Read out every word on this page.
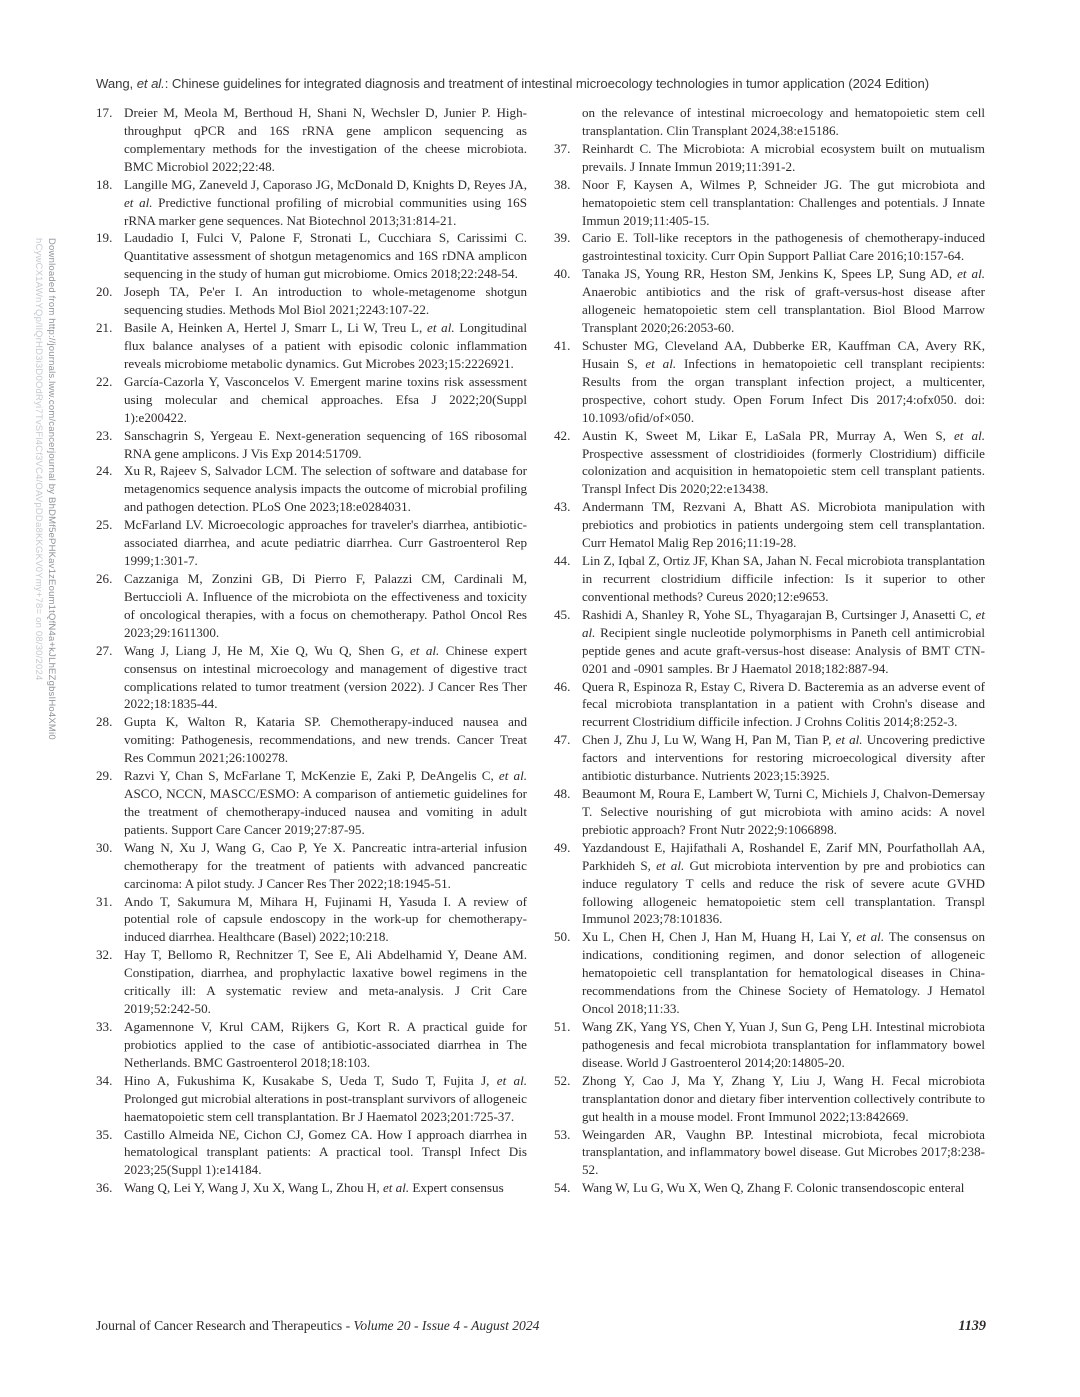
Downloaded from http://journals.lww.com/cancerjournal by BhDMf5ePHKav1zEoum1tQfN4a+kJLhEZgbsIHo4XMi0
hCywCX1AWnYQp/IlQrHD3i3D0OdRyi7TvSFl4Cf3VC4/OAVpDDa8KKGKV0Ymy+78= on 08/30/2024
Wang, et al.: Chinese guidelines for integrated diagnosis and treatment of intestinal microecology technologies in tumor application (2024 Edition)
17. Dreier M, Meola M, Berthoud H, Shani N, Wechsler D, Junier P. High-throughput qPCR and 16S rRNA gene amplicon sequencing as complementary methods for the investigation of the cheese microbiota. BMC Microbiol 2022;22:48.
18. Langille MG, Zaneveld J, Caporaso JG, McDonald D, Knights D, Reyes JA, et al. Predictive functional profiling of microbial communities using 16S rRNA marker gene sequences. Nat Biotechnol 2013;31:814-21.
19. Laudadio I, Fulci V, Palone F, Stronati L, Cucchiara S, Carissimi C. Quantitative assessment of shotgun metagenomics and 16S rDNA amplicon sequencing in the study of human gut microbiome. Omics 2018;22:248-54.
20. Joseph TA, Pe'er I. An introduction to whole-metagenome shotgun sequencing studies. Methods Mol Biol 2021;2243:107-22.
21. Basile A, Heinken A, Hertel J, Smarr L, Li W, Treu L, et al. Longitudinal flux balance analyses of a patient with episodic colonic inflammation reveals microbiome metabolic dynamics. Gut Microbes 2023;15:2226921.
22. García-Cazorla Y, Vasconcelos V. Emergent marine toxins risk assessment using molecular and chemical approaches. Efsa J 2022;20(Suppl 1):e200422.
23. Sanschagrin S, Yergeau E. Next-generation sequencing of 16S ribosomal RNA gene amplicons. J Vis Exp 2014:51709.
24. Xu R, Rajeev S, Salvador LCM. The selection of software and database for metagenomics sequence analysis impacts the outcome of microbial profiling and pathogen detection. PLoS One 2023;18:e0284031.
25. McFarland LV. Microecologic approaches for traveler's diarrhea, antibiotic-associated diarrhea, and acute pediatric diarrhea. Curr Gastroenterol Rep 1999;1:301-7.
26. Cazzaniga M, Zonzini GB, Di Pierro F, Palazzi CM, Cardinali M, Bertuccioli A. Influence of the microbiota on the effectiveness and toxicity of oncological therapies, with a focus on chemotherapy. Pathol Oncol Res 2023;29:1611300.
27. Wang J, Liang J, He M, Xie Q, Wu Q, Shen G, et al. Chinese expert consensus on intestinal microecology and management of digestive tract complications related to tumor treatment (version 2022). J Cancer Res Ther 2022;18:1835-44.
28. Gupta K, Walton R, Kataria SP. Chemotherapy-induced nausea and vomiting: Pathogenesis, recommendations, and new trends. Cancer Treat Res Commun 2021;26:100278.
29. Razvi Y, Chan S, McFarlane T, McKenzie E, Zaki P, DeAngelis C, et al. ASCO, NCCN, MASCC/ESMO: A comparison of antiemetic guidelines for the treatment of chemotherapy-induced nausea and vomiting in adult patients. Support Care Cancer 2019;27:87-95.
30. Wang N, Xu J, Wang G, Cao P, Ye X. Pancreatic intra-arterial infusion chemotherapy for the treatment of patients with advanced pancreatic carcinoma: A pilot study. J Cancer Res Ther 2022;18:1945-51.
31. Ando T, Sakumura M, Mihara H, Fujinami H, Yasuda I. A review of potential role of capsule endoscopy in the work-up for chemotherapy-induced diarrhea. Healthcare (Basel) 2022;10:218.
32. Hay T, Bellomo R, Rechnitzer T, See E, Ali Abdelhamid Y, Deane AM. Constipation, diarrhea, and prophylactic laxative bowel regimens in the critically ill: A systematic review and meta-analysis. J Crit Care 2019;52:242-50.
33. Agamennone V, Krul CAM, Rijkers G, Kort R. A practical guide for probiotics applied to the case of antibiotic-associated diarrhea in The Netherlands. BMC Gastroenterol 2018;18:103.
34. Hino A, Fukushima K, Kusakabe S, Ueda T, Sudo T, Fujita J, et al. Prolonged gut microbial alterations in post-transplant survivors of allogeneic haematopoietic stem cell transplantation. Br J Haematol 2023;201:725-37.
35. Castillo Almeida NE, Cichon CJ, Gomez CA. How I approach diarrhea in hematological transplant patients: A practical tool. Transpl Infect Dis 2023;25(Suppl 1):e14184.
36. Wang Q, Lei Y, Wang J, Xu X, Wang L, Zhou H, et al. Expert consensus
on the relevance of intestinal microecology and hematopoietic stem cell transplantation. Clin Transplant 2024,38:e15186.
37. Reinhardt C. The Microbiota: A microbial ecosystem built on mutualism prevails. J Innate Immun 2019;11:391-2.
38. Noor F, Kaysen A, Wilmes P, Schneider JG. The gut microbiota and hematopoietic stem cell transplantation: Challenges and potentials. J Innate Immun 2019;11:405-15.
39. Cario E. Toll-like receptors in the pathogenesis of chemotherapy-induced gastrointestinal toxicity. Curr Opin Support Palliat Care 2016;10:157-64.
40. Tanaka JS, Young RR, Heston SM, Jenkins K, Spees LP, Sung AD, et al. Anaerobic antibiotics and the risk of graft-versus-host disease after allogeneic hematopoietic stem cell transplantation. Biol Blood Marrow Transplant 2020;26:2053-60.
41. Schuster MG, Cleveland AA, Dubberke ER, Kauffman CA, Avery RK, Husain S, et al. Infections in hematopoietic cell transplant recipients: Results from the organ transplant infection project, a multicenter, prospective, cohort study. Open Forum Infect Dis 2017;4:ofx050. doi: 10.1093/ofid/of×050.
42. Austin K, Sweet M, Likar E, LaSala PR, Murray A, Wen S, et al. Prospective assessment of clostridioides (formerly Clostridium) difficile colonization and acquisition in hematopoietic stem cell transplant patients. Transpl Infect Dis 2020;22:e13438.
43. Andermann TM, Rezvani A, Bhatt AS. Microbiota manipulation with prebiotics and probiotics in patients undergoing stem cell transplantation. Curr Hematol Malig Rep 2016;11:19-28.
44. Lin Z, Iqbal Z, Ortiz JF, Khan SA, Jahan N. Fecal microbiota transplantation in recurrent clostridium difficile infection: Is it superior to other conventional methods? Cureus 2020;12:e9653.
45. Rashidi A, Shanley R, Yohe SL, Thyagarajan B, Curtsinger J, Anasetti C, et al. Recipient single nucleotide polymorphisms in Paneth cell antimicrobial peptide genes and acute graft-versus-host disease: Analysis of BMT CTN-0201 and -0901 samples. Br J Haematol 2018;182:887-94.
46. Quera R, Espinoza R, Estay C, Rivera D. Bacteremia as an adverse event of fecal microbiota transplantation in a patient with Crohn's disease and recurrent Clostridium difficile infection. J Crohns Colitis 2014;8:252-3.
47. Chen J, Zhu J, Lu W, Wang H, Pan M, Tian P, et al. Uncovering predictive factors and interventions for restoring microecological diversity after antibiotic disturbance. Nutrients 2023;15:3925.
48. Beaumont M, Roura E, Lambert W, Turni C, Michiels J, Chalvon-Demersay T. Selective nourishing of gut microbiota with amino acids: A novel prebiotic approach? Front Nutr 2022;9:1066898.
49. Yazdandoust E, Hajifathali A, Roshandel E, Zarif MN, Pourfathollah AA, Parkhideh S, et al. Gut microbiota intervention by pre and probiotics can induce regulatory T cells and reduce the risk of severe acute GVHD following allogeneic hematopoietic stem cell transplantation. Transpl Immunol 2023;78:101836.
50. Xu L, Chen H, Chen J, Han M, Huang H, Lai Y, et al. The consensus on indications, conditioning regimen, and donor selection of allogeneic hematopoietic cell transplantation for hematological diseases in China-recommendations from the Chinese Society of Hematology. J Hematol Oncol 2018;11:33.
51. Wang ZK, Yang YS, Chen Y, Yuan J, Sun G, Peng LH. Intestinal microbiota pathogenesis and fecal microbiota transplantation for inflammatory bowel disease. World J Gastroenterol 2014;20:14805-20.
52. Zhong Y, Cao J, Ma Y, Zhang Y, Liu J, Wang H. Fecal microbiota transplantation donor and dietary fiber intervention collectively contribute to gut health in a mouse model. Front Immunol 2022;13:842669.
53. Weingarden AR, Vaughn BP. Intestinal microbiota, fecal microbiota transplantation, and inflammatory bowel disease. Gut Microbes 2017;8:238-52.
54. Wang W, Lu G, Wu X, Wen Q, Zhang F. Colonic transendoscopic enteral
Journal of Cancer Research and Therapeutics - Volume 20 - Issue 4 - August 2024	1139
